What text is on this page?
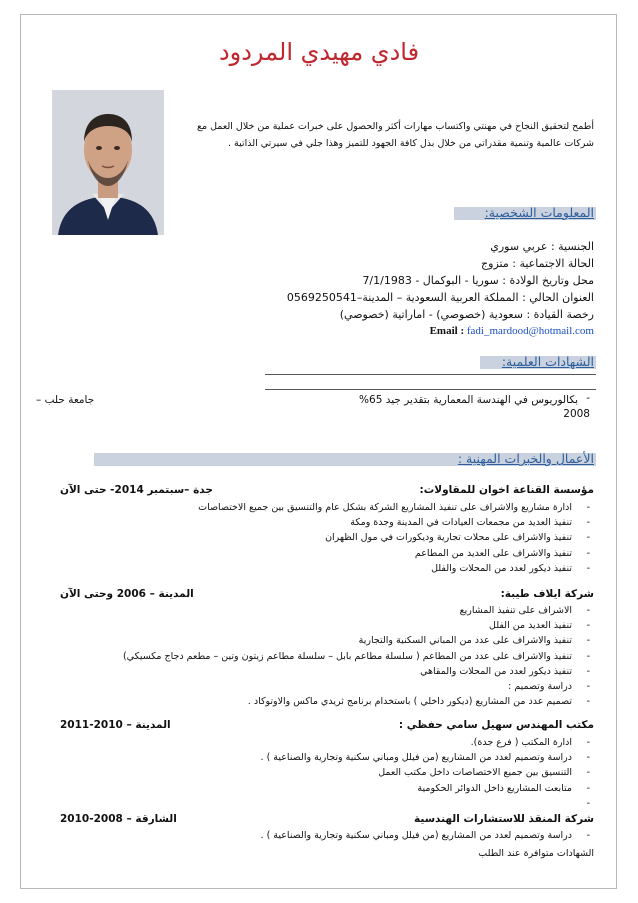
فادي مهيدي المردود
أطمح لتحقيق النجاح في مهنتي واكتساب مهارات أكثر والحصول على خبرات عملية من خلال العمل مع
شركات عالمية وتنمية مقدراتي من خلال بذل كافة الجهود للتميز وهذا جلي في سيرتي الذاتية .
المعلومات الشخصية:
الجنسية : عربي سوري
الحالة الاجتماعية : متزوج
محل وتاريخ الولادة : سوريا - البوكمال - 7/1/1983
العنوان الحالي : المملكة العربية السعودية – المدينة–0569250541
رخصة القيادة : سعودية (خصوصي) - اماراتية (خصوصي)
Email : fadi_mardood@hotmail.com
الشهادات العلمية:
-
بكالوريوس في الهندسة المعمارية بتقدير جيد 65%
جامعة حلب –
2008
الأعمال والخبرات المهنية :
مؤسسة القناعة اخوان للمقاولات:
جدة –سبتمبر 2014- حتى الآن
- ادارة مشاريع والاشراف على تنفيذ المشاريع الشركة بشكل عام والتنسيق بين جميع الاختصاصات
- تنفيذ العديد من مجمعات العيادات في المدينة وجدة ومكة
- تنفيذ والاشراف على محلات تجارية وديكورات في مول الظهران
- تنفيذ والاشراف على العديد من المطاعم
- تنفيذ ديكور لعدد من المحلات والفلل
شركة ايلاف طيبة:
المدينة – 2006 وحتى الآن
- الاشراف على تنفيذ المشاريع
- تنفيذ العديد من الفلل
- تنفيذ والاشراف على عدد من المباني السكنية والتجارية
- تنفيذ والاشراف على عدد من المطاعم ( سلسلة مطاعم بابل – سلسلة مطاعم زيتون وتين – مطعم دجاج مكسيكي)
- تنفيذ ديكور لعدد من المحلات والمقاهي
- دراسة وتصميم :
- تصميم عدد من المشاريع (ديكور داخلي ) باستخدام برنامج ثريدي ماكس والاوتوكاد .
مكتب المهندس سهيل سامي حفظي :
المدينة – 2010-2011
- ادارة المكتب ( فرع جدة).
- دراسة وتصميم لعدد من المشاريع (من فيلل ومباني سكنية وتجارية والصناعية ) .
- التنسيق بين جميع الاختصاصات داخل مكتب العمل
- متابعت المشاريع داخل الدوائر الحكومية
شركة المنقذ للاستشارات الهندسية
الشارقة – 2008-2010
- دراسة وتصميم لعدد من المشاريع (من فيلل ومباني سكنية وتجارية والصناعية ) .
الشهادات متوافرة عند الطلب
